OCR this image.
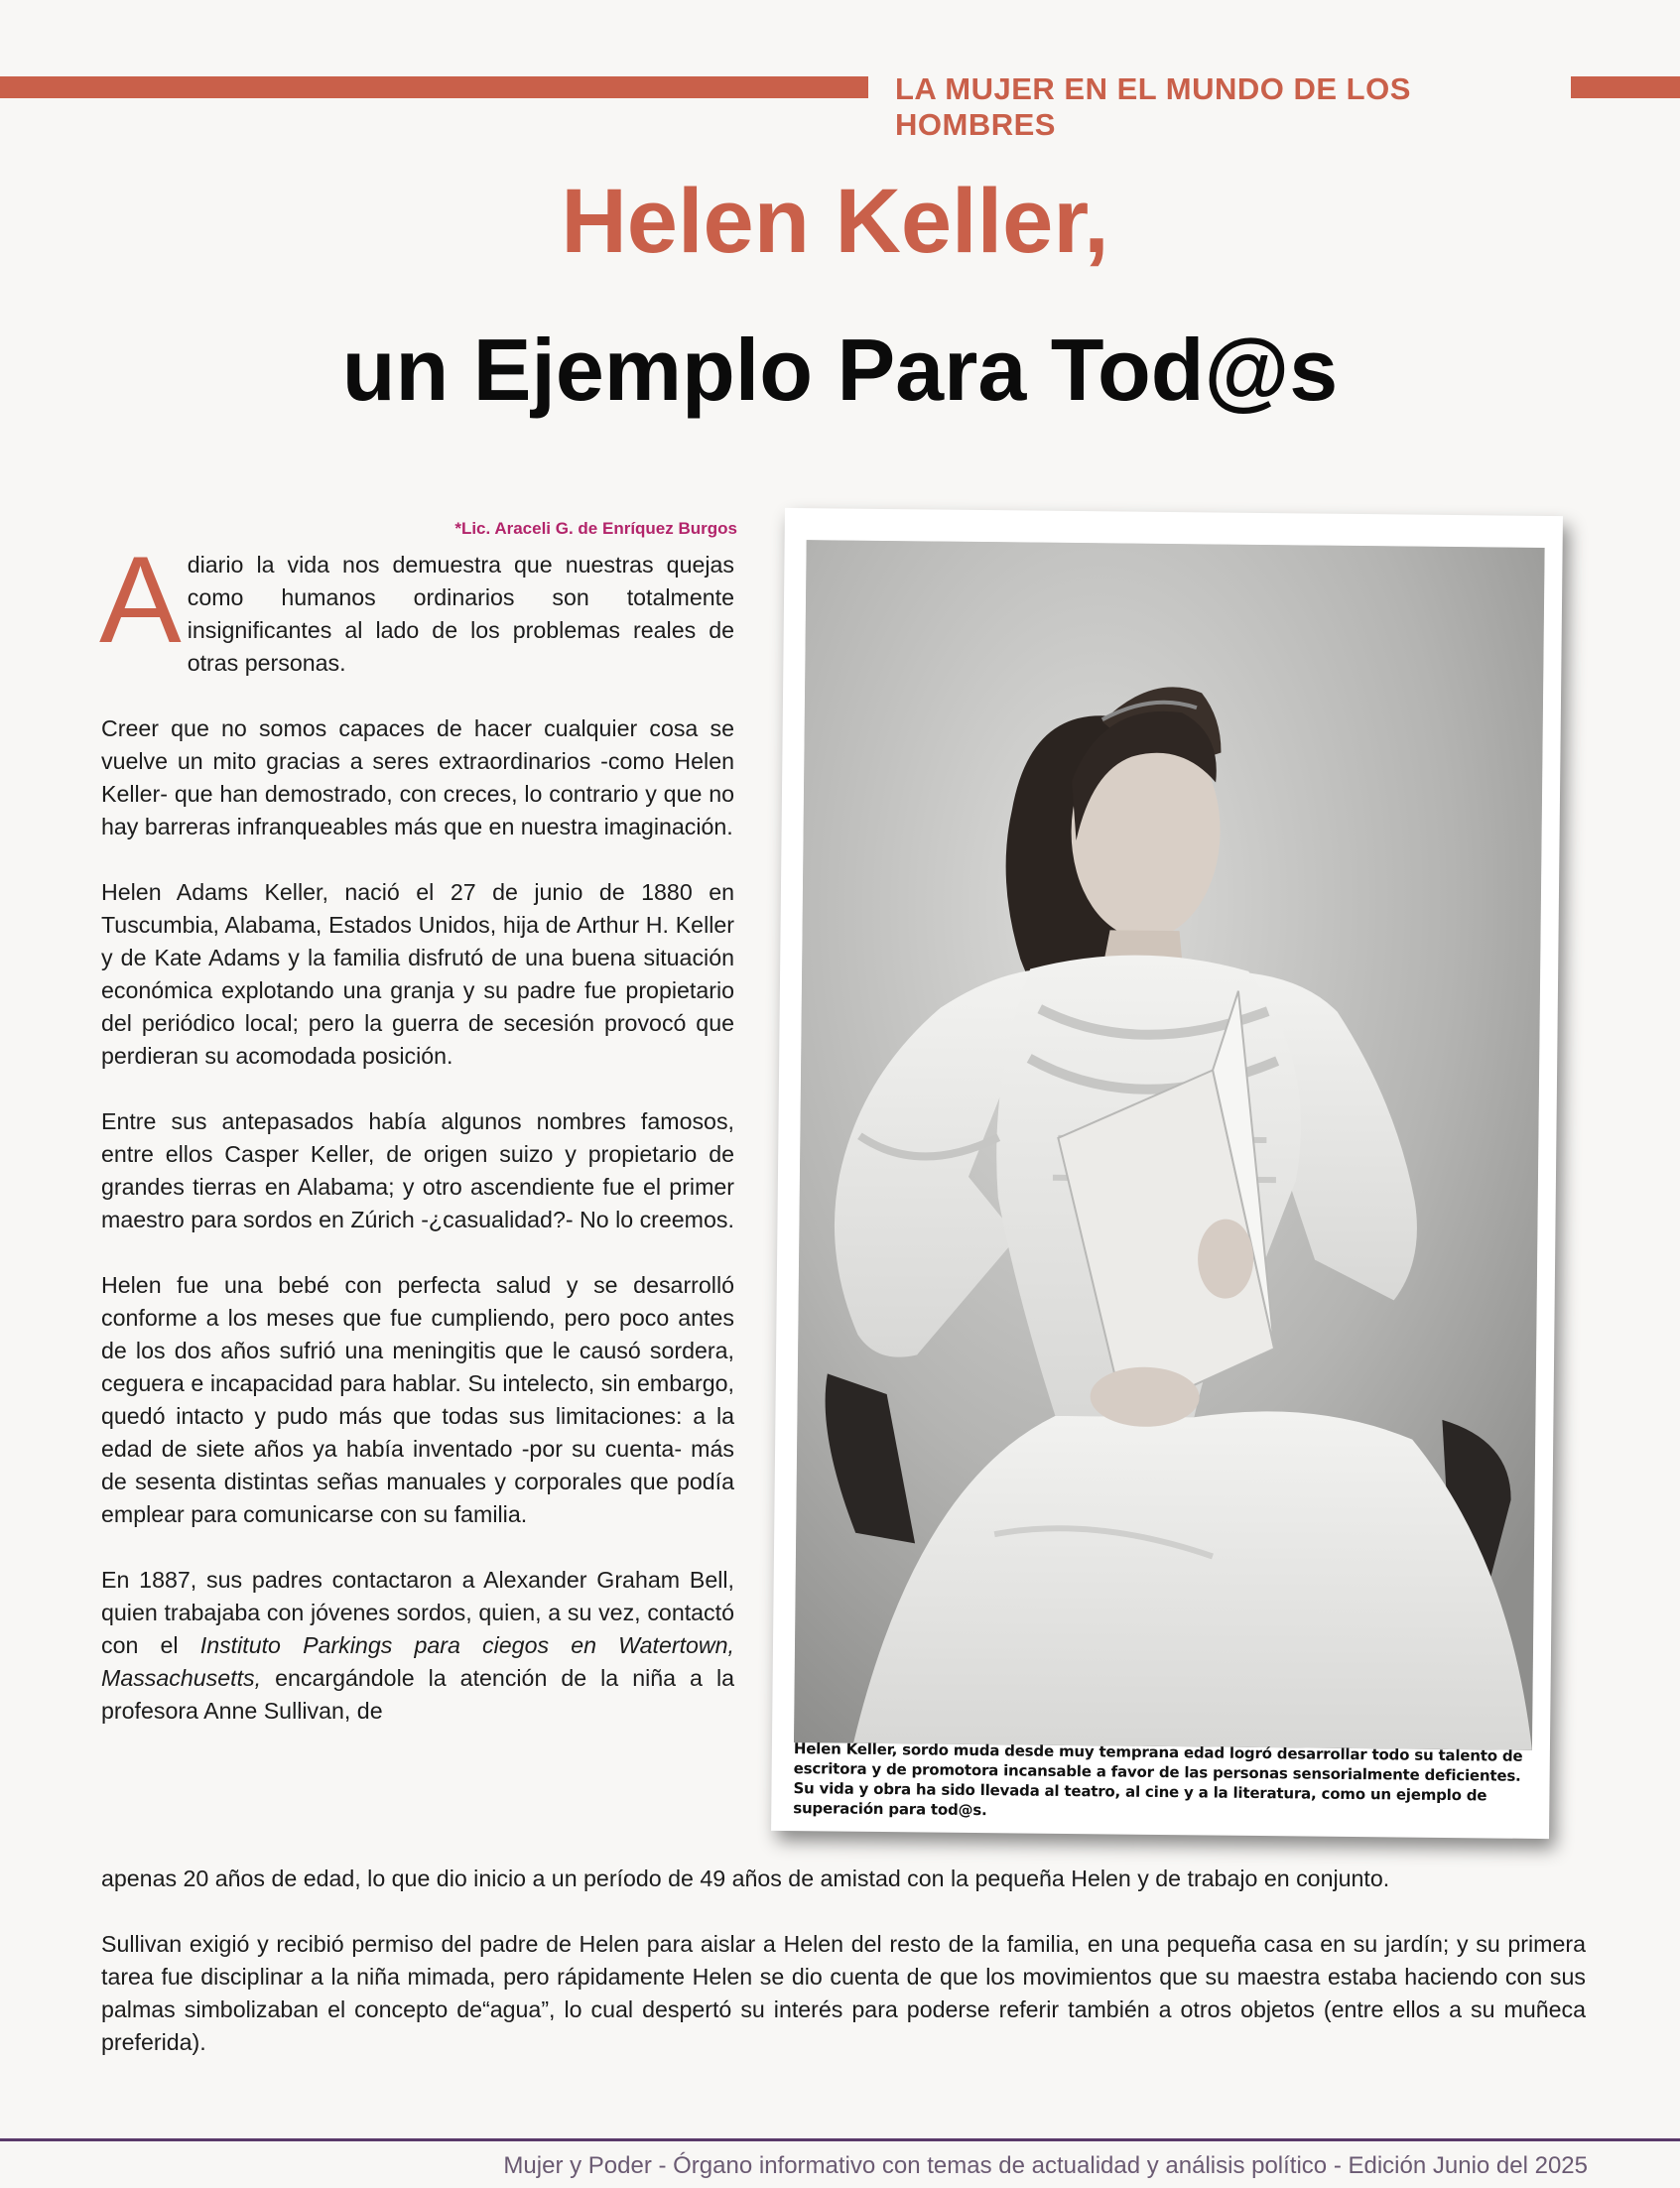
LA MUJER EN EL MUNDO DE LOS HOMBRES
Helen Keller,
un Ejemplo Para Tod@s
*Lic. Araceli G. de Enríquez Burgos

Adiario la vida nos demuestra que nuestras quejas como humanos ordinarios son totalmente insignificantes al lado de los problemas reales de otras personas.

Creer que no somos capaces de hacer cualquier cosa se vuelve un mito gracias a seres extraordinarios -como Helen Keller- que han demostrado, con creces, lo contrario y que no hay barreras infranqueables más que en nuestra imaginación.

Helen Adams Keller, nació el 27 de junio de 1880 en Tuscumbia, Alabama, Estados Unidos, hija de Arthur H. Keller y de Kate Adams y la familia disfrutó de una buena situación económica explotando una granja y su padre fue propietario del periódico local; pero la guerra de secesión provocó que perdieran su acomodada posición.

Entre sus antepasados había algunos nombres famosos, entre ellos Casper Keller, de origen suizo y propietario de grandes tierras en Alabama; y otro ascendiente fue el primer maestro para sordos en Zúrich -¿casualidad?- No lo creemos.

Helen fue una bebé con perfecta salud y se desarrolló conforme a los meses que fue cumpliendo, pero poco antes de los dos años sufrió una meningitis que le causó sordera, ceguera e incapacidad para hablar. Su intelecto, sin embargo, quedó intacto y pudo más que todas sus limitaciones: a la edad de siete años ya había inventado -por su cuenta- más de sesenta distintas señas manuales y corporales que podía emplear para comunicarse con su familia.

En 1887, sus padres contactaron a Alexander Graham Bell, quien trabajaba con jóvenes sordos, quien, a su vez, contactó con el Instituto Parkings para ciegos en Watertown, Massachusetts, encargándole la atención de la niña a la profesora Anne Sullivan, de

apenas 20 años de edad, lo que dio inicio a un período de 49 años de amistad con la pequeña Helen y de trabajo en conjunto.

Sullivan exigió y recibió permiso del padre de Helen para aislar a Helen del resto de la familia, en una pequeña casa en su jardín; y su primera tarea fue disciplinar a la niña mimada, pero rápidamente Helen se dio cuenta de que los movimientos que su maestra estaba haciendo con sus palmas simbolizaban el concepto de“agua”, lo cual despertó su interés para poderse referir también a otros objetos (entre ellos a su muñeca preferida).

Helen Keller, sordo muda desde muy temprana edad logró desarrollar todo su talento de escritora y de promotora incansable a favor de las personas sensorialmente deficientes. Su vida y obra ha sido llevada al teatro, al cine y a la literatura, como un ejemplo de superación para tod@s.
Mujer y Poder - Órgano informativo con temas de actualidad y análisis político - Edición Junio del 2025
